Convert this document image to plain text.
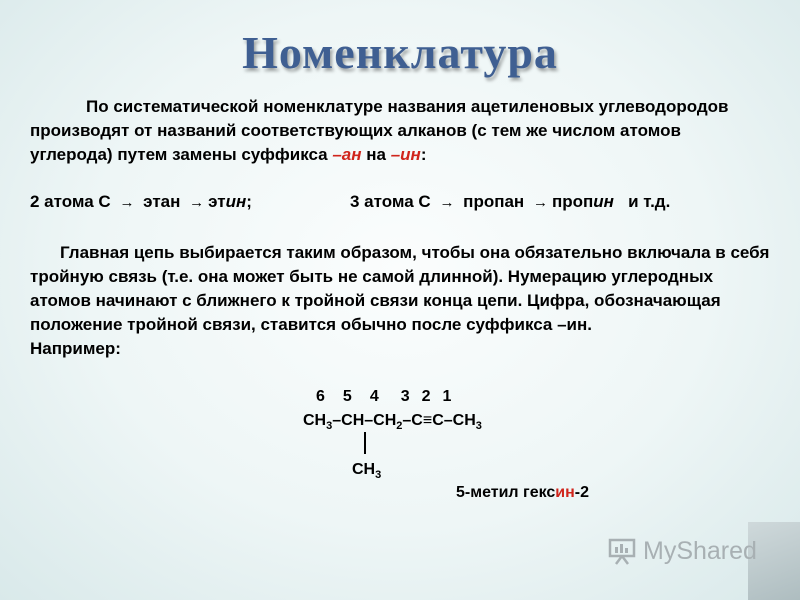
Номенклатура
По систематической номенклатуре названия ацетиленовых углеводородов производят от названий соответствующих алканов (с тем же числом атомов углерода) путем замены суффикса –ан на –ин:
2 атома С → этан → этин;	3 атома С → пропан → пропин и т.д.
Главная цепь выбирается таким образом, чтобы она обязательно включала в себя тройную связь (т.е. она может быть не самой длинной). Нумерацию углеродных атомов начинают с ближнего к тройной связи конца цепи. Цифра, обозначающая положение тройной связи, ставится обычно после суффикса –ин.
Например:
6 5 4 3 2 1
$CH_3-CH-CH_2-C\equiv C-CH_3$
$CH_3$
5-метил гексин-2
MyShared
